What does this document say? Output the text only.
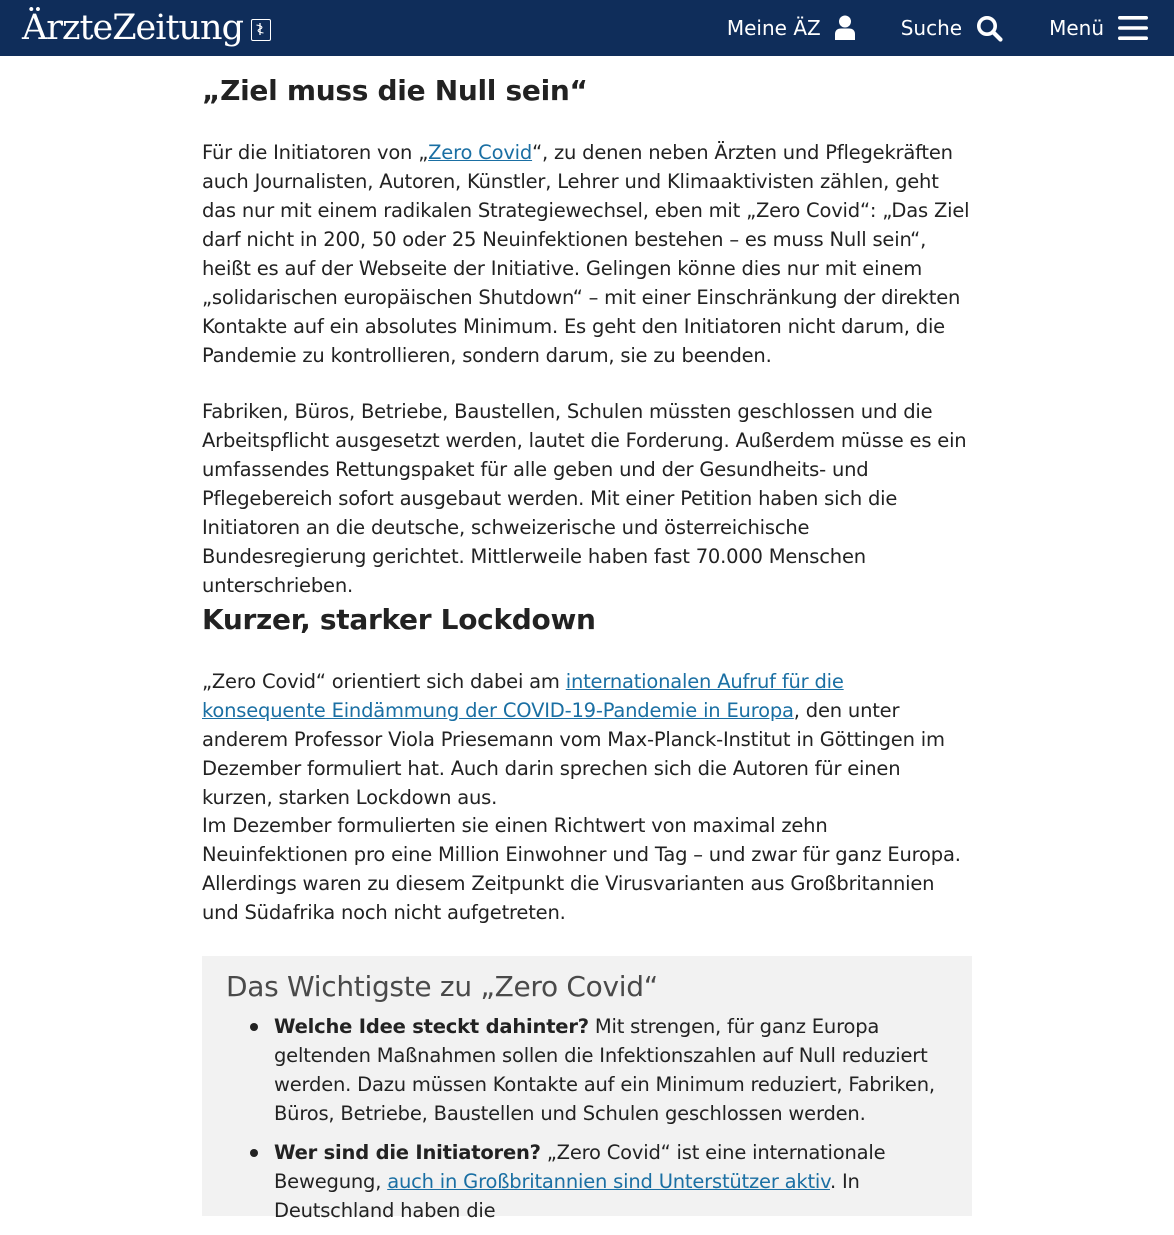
ÄrzteZeitung	Meine ÄZ	Suche	Menü
„Ziel muss die Null sein“

Für die Initiatoren von „Zero Covid“, zu denen neben Ärzten und Pflegekräften auch Journalisten, Autoren, Künstler, Lehrer und Klimaaktivisten zählen, geht das nur mit einem radikalen Strategiewechsel, eben mit „Zero Covid“: „Das Ziel darf nicht in 200, 50 oder 25 Neuinfektionen bestehen – es muss Null sein“, heißt es auf der Webseite der Initiative. Gelingen könne dies nur mit einem „solidarischen europäischen Shutdown“ – mit einer Einschränkung der direkten Kontakte auf ein absolutes Minimum. Es geht den Initiatoren nicht darum, die Pandemie zu kontrollieren, sondern darum, sie zu beenden.

Fabriken, Büros, Betriebe, Baustellen, Schulen müssten geschlossen und die Arbeitspflicht ausgesetzt werden, lautet die Forderung. Außerdem müsse es ein umfassendes Rettungspaket für alle geben und der Gesundheits- und Pflegebereich sofort ausgebaut werden. Mit einer Petition haben sich die Initiatoren an die deutsche, schweizerische und österreichische Bundesregierung gerichtet. Mittlerweile haben fast 70.000 Menschen unterschrieben.

Kurzer, starker Lockdown

„Zero Covid“ orientiert sich dabei am internationalen Aufruf für die konsequente Eindämmung der COVID-19-Pandemie in Europa, den unter anderem Professor Viola Priesemann vom Max-Planck-Institut in Göttingen im Dezember formuliert hat. Auch darin sprechen sich die Autoren für einen kurzen, starken Lockdown aus.

Im Dezember formulierten sie einen Richtwert von maximal zehn Neuinfektionen pro eine Million Einwohner und Tag – und zwar für ganz Europa. Allerdings waren zu diesem Zeitpunkt die Virusvarianten aus Großbritannien und Südafrika noch nicht aufgetreten.

Das Wichtigste zu „Zero Covid“
Welche Idee steckt dahinter? Mit strengen, für ganz Europa geltenden Maßnahmen sollen die Infektionszahlen auf Null reduziert werden. Dazu müssen Kontakte auf ein Minimum reduziert, Fabriken, Büros, Betriebe, Baustellen und Schulen geschlossen werden.
Wer sind die Initiatoren? „Zero Covid“ ist eine internationale Bewegung, auch in Großbritannien sind Unterstützer aktiv. In Deutschland haben die
